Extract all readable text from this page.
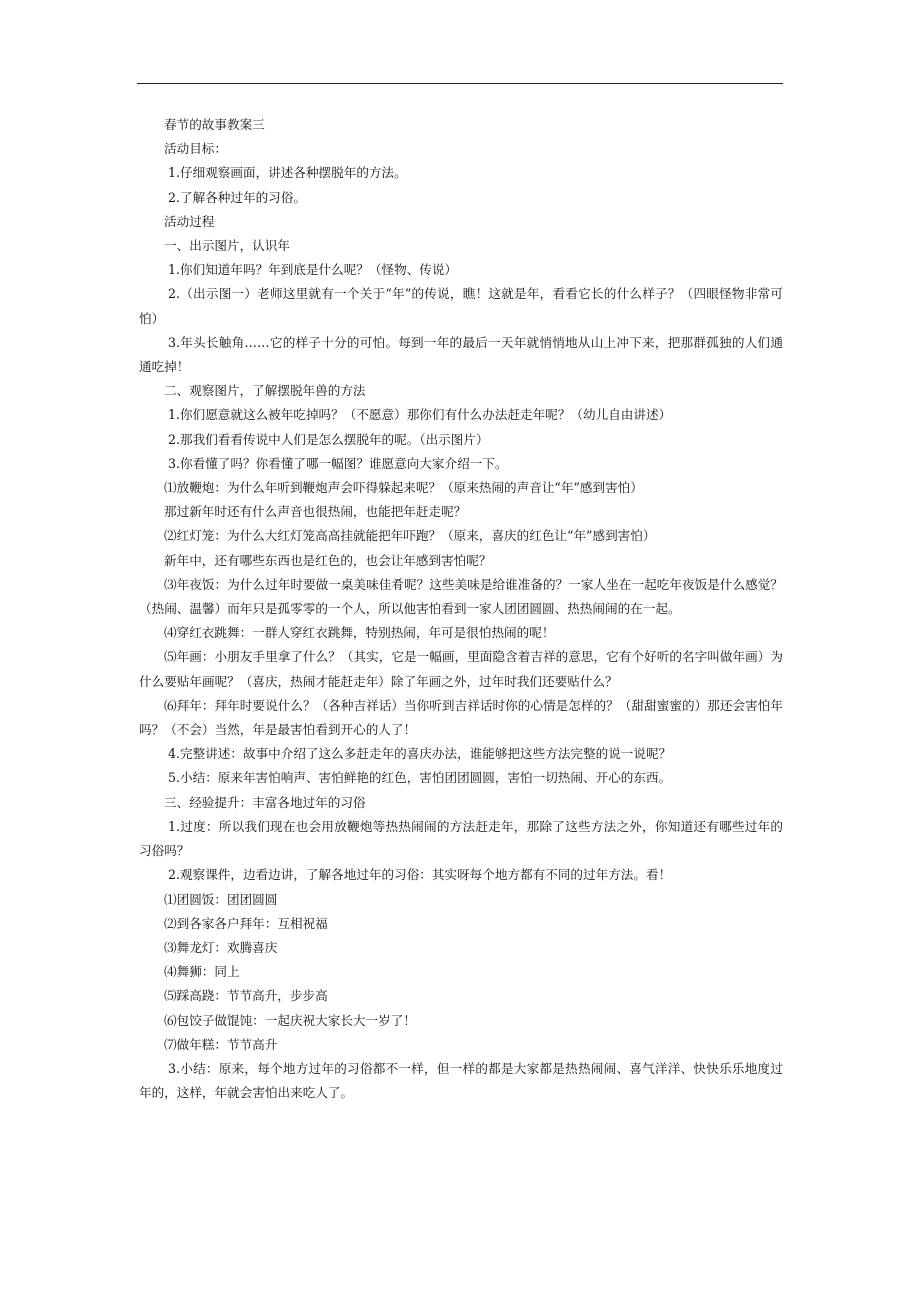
春节的故事教案三

活动目标：

1.仔细观察画面，讲述各种摆脱年的方法。

2.了解各种过年的习俗。

活动过程

一、出示图片，认识年

1.你们知道年吗？年到底是什么呢？（怪物、传说）

2.（出示图一）老师这里就有一个关于“年”的传说，瞧！这就是年，看看它长的什么样子？（四眼怪物非常可怕）

3.年头长触角……它的样子十分的可怕。每到一年的最后一天年就悄悄地从山上冲下来，把那群孤独的人们通通吃掉！

二、观察图片，了解摆脱年兽的方法

1.你们愿意就这么被年吃掉吗？（不愿意）那你们有什么办法赶走年呢？（幼儿自由讲述）

2.那我们看看传说中人们是怎么摆脱年的呢。（出示图片）

3.你看懂了吗？你看懂了哪一幅图？谁愿意向大家介绍一下。

⑴放鞭炮：为什么年听到鞭炮声会吓得躲起来呢？（原来热闹的声音让“年”感到害怕）

那过新年时还有什么声音也很热闹，也能把年赶走呢？

⑵红灯笼：为什么大红灯笼高高挂就能把年吓跑？（原来，喜庆的红色让“年”感到害怕）

新年中，还有哪些东西也是红色的，也会让年感到害怕呢？

⑶年夜饭：为什么过年时要做一桌美味佳肴呢？这些美味是给谁准备的？一家人坐在一起吃年夜饭是什么感觉？（热闹、温馨）而年只是孤零零的一个人，所以他害怕看到一家人团团圆圆、热热闹闹的在一起。

⑷穿红衣跳舞：一群人穿红衣跳舞，特别热闹，年可是很怕热闹的呢！

⑸年画：小朋友手里拿了什么？（其实，它是一幅画，里面隐含着吉祥的意思，它有个好听的名字叫做年画）为什么要贴年画呢？（喜庆，热闹才能赶走年）除了年画之外，过年时我们还要贴什么？

⑹拜年：拜年时要说什么？（各种吉祥话）当你听到吉祥话时你的心情是怎样的？（甜甜蜜蜜的）那还会害怕年吗？（不会）当然，年是最害怕看到开心的人了！

4.完整讲述：故事中介绍了这么多赶走年的喜庆办法，谁能够把这些方法完整的说一说呢？

5.小结：原来年害怕响声、害怕鲜艳的红色，害怕团团圆圆，害怕一切热闹、开心的东西。

三、经验提升：丰富各地过年的习俗

1.过度：所以我们现在也会用放鞭炮等热热闹闹的方法赶走年，那除了这些方法之外，你知道还有哪些过年的习俗吗？

2.观察课件，边看边讲，了解各地过年的习俗：其实呀每个地方都有不同的过年方法。看！

⑴团圆饭：团团圆圆

⑵到各家各户拜年：互相祝福

⑶舞龙灯：欢腾喜庆

⑷舞狮：同上

⑸踩高跷：节节高升，步步高

⑹包饺子做馄饨：一起庆祝大家长大一岁了！

⑺做年糕：节节高升

3.小结：原来，每个地方过年的习俗都不一样，但一样的都是大家都是热热闹闹、喜气洋洋、快快乐乐地度过年的，这样，年就会害怕出来吃人了。
